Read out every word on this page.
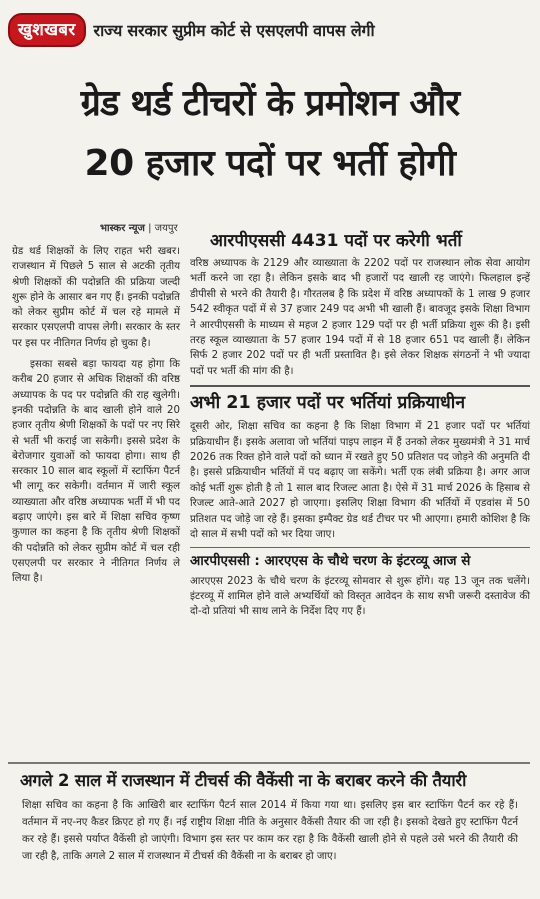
खुशखबर	राज्य सरकार सुप्रीम कोर्ट से एसएलपी वापस लेगी
ग्रेड थर्ड टीचरों के प्रमोशन और
20 हजार पदों पर भर्ती होगी
भास्कर न्यूज | जयपुर

ग्रेड थर्ड शिक्षकों के लिए राहत भरी खबर। राजस्थान में पिछले 5 साल से अटकी तृतीय श्रेणी शिक्षकों की पदोन्नति की प्रक्रिया जल्दी शुरू होने के आसार बन गए हैं। इनकी पदोन्नति को लेकर सुप्रीम कोर्ट में चल रहे मामले में सरकार एसएलपी वापस लेगी। सरकार के स्तर पर इस पर नीतिगत निर्णय हो चुका है।

इसका सबसे बड़ा फायदा यह होगा कि करीब 20 हजार से अधिक शिक्षकों की वरिष्ठ अध्यापक के पद पर पदोन्नति की राह खुलेगी। इनकी पदोन्नति के बाद खाली होने वाले 20 हजार तृतीय श्रेणी शिक्षकों के पदों पर नए सिरे से भर्ती भी कराई जा सकेगी। इससे प्रदेश के बेरोजगार युवाओं को फायदा होगा। साथ ही सरकार 10 साल बाद स्कूलों में स्टाफिंग पैटर्न भी लागू कर सकेगी। वर्तमान में जारी स्कूल व्याख्याता और वरिष्ठ अध्यापक भर्ती में भी पद बढ़ाए जाएंगे। इस बारे में शिक्षा सचिव कृष्ण कुणाल का कहना है कि तृतीय श्रेणी शिक्षकों की पदोन्नति को लेकर सुप्रीम कोर्ट में चल रही एसएलपी पर सरकार ने नीतिगत निर्णय ले लिया है।

आरपीएससी 4431 पदों पर करेगी भर्ती

वरिष्ठ अध्यापक के 2129 और व्याख्याता के 2202 पदों पर राजस्थान लोक सेवा आयोग भर्ती करने जा रहा है। लेकिन इसके बाद भी हजारों पद खाली रह जाएंगे। फिलहाल इन्हें डीपीसी से भरने की तैयारी है। गौरतलब है कि प्रदेश में वरिष्ठ अध्यापकों के 1 लाख 9 हजार 542 स्वीकृत पदों में से 37 हजार 249 पद अभी भी खाली हैं। बावजूद इसके शिक्षा विभाग ने आरपीएससी के माध्यम से महज 2 हजार 129 पदों पर ही भर्ती प्रक्रिया शुरू की है। इसी तरह स्कूल व्याख्याता के 57 हजार 194 पदों में से 18 हजार 651 पद खाली हैं। लेकिन सिर्फ 2 हजार 202 पदों पर ही भर्ती प्रस्तावित है। इसे लेकर शिक्षक संगठनों ने भी ज्यादा पदों पर भर्ती की मांग की है।

अभी 21 हजार पदों पर भर्तियां प्रक्रियाधीन

दूसरी ओर, शिक्षा सचिव का कहना है कि शिक्षा विभाग में 21 हजार पदों पर भर्तियां प्रक्रियाधीन हैं। इसके अलावा जो भर्तियां पाइप लाइन में हैं उनको लेकर मुख्यमंत्री ने 31 मार्च 2026 तक रिक्त होने वाले पदों को ध्यान में रखते हुए 50 प्रतिशत पद जोड़ने की अनुमति दी है। इससे प्रक्रियाधीन भर्तियों में पद बढ़ाए जा सकेंगे। भर्ती एक लंबी प्रक्रिया है। अगर आज कोई भर्ती शुरू होती है तो 1 साल बाद रिजल्ट आता है। ऐसे में 31 मार्च 2026 के हिसाब से रिजल्ट आते-आते 2027 हो जाएगा। इसलिए शिक्षा विभाग की भर्तियों में एडवांस में 50 प्रतिशत पद जोड़े जा रहे हैं। इसका इम्पैक्ट ग्रेड थर्ड टीचर पर भी आएगा। हमारी कोशिश है कि दो साल में सभी पदों को भर दिया जाए।

आरपीएससी : आरएएस के चौथे चरण के इंटरव्यू आज से

आरएएस 2023 के चौथे चरण के इंटरव्यू सोमवार से शुरू होंगे। यह 13 जून तक चलेंगे। इंटरव्यू में शामिल होने वाले अभ्यर्थियों को विस्तृत आवेदन के साथ सभी जरूरी दस्तावेज की दो-दो प्रतियां भी साथ लाने के निर्देश दिए गए हैं।

अगले 2 साल में राजस्थान में टीचर्स की वैकेंसी ना के बराबर करने की तैयारी

शिक्षा सचिव का कहना है कि आखिरी बार स्टाफिंग पैटर्न साल 2014 में किया गया था। इसलिए इस बार स्टाफिंग पैटर्न कर रहे हैं। वर्तमान में नए-नए कैडर क्रिएट हो गए हैं। नई राष्ट्रीय शिक्षा नीति के अनुसार वैकेंसी तैयार की जा रही है। इसको देखते हुए स्टाफिंग पैटर्न कर रहे हैं। इससे पर्याप्त वैकेंसी हो जाएंगी। विभाग इस स्तर पर काम कर रहा है कि वैकेंसी खाली होने से पहले उसे भरने की तैयारी की जा रही है, ताकि अगले 2 साल में राजस्थान में टीचर्स की वैकेंसी ना के बराबर हो जाए।
